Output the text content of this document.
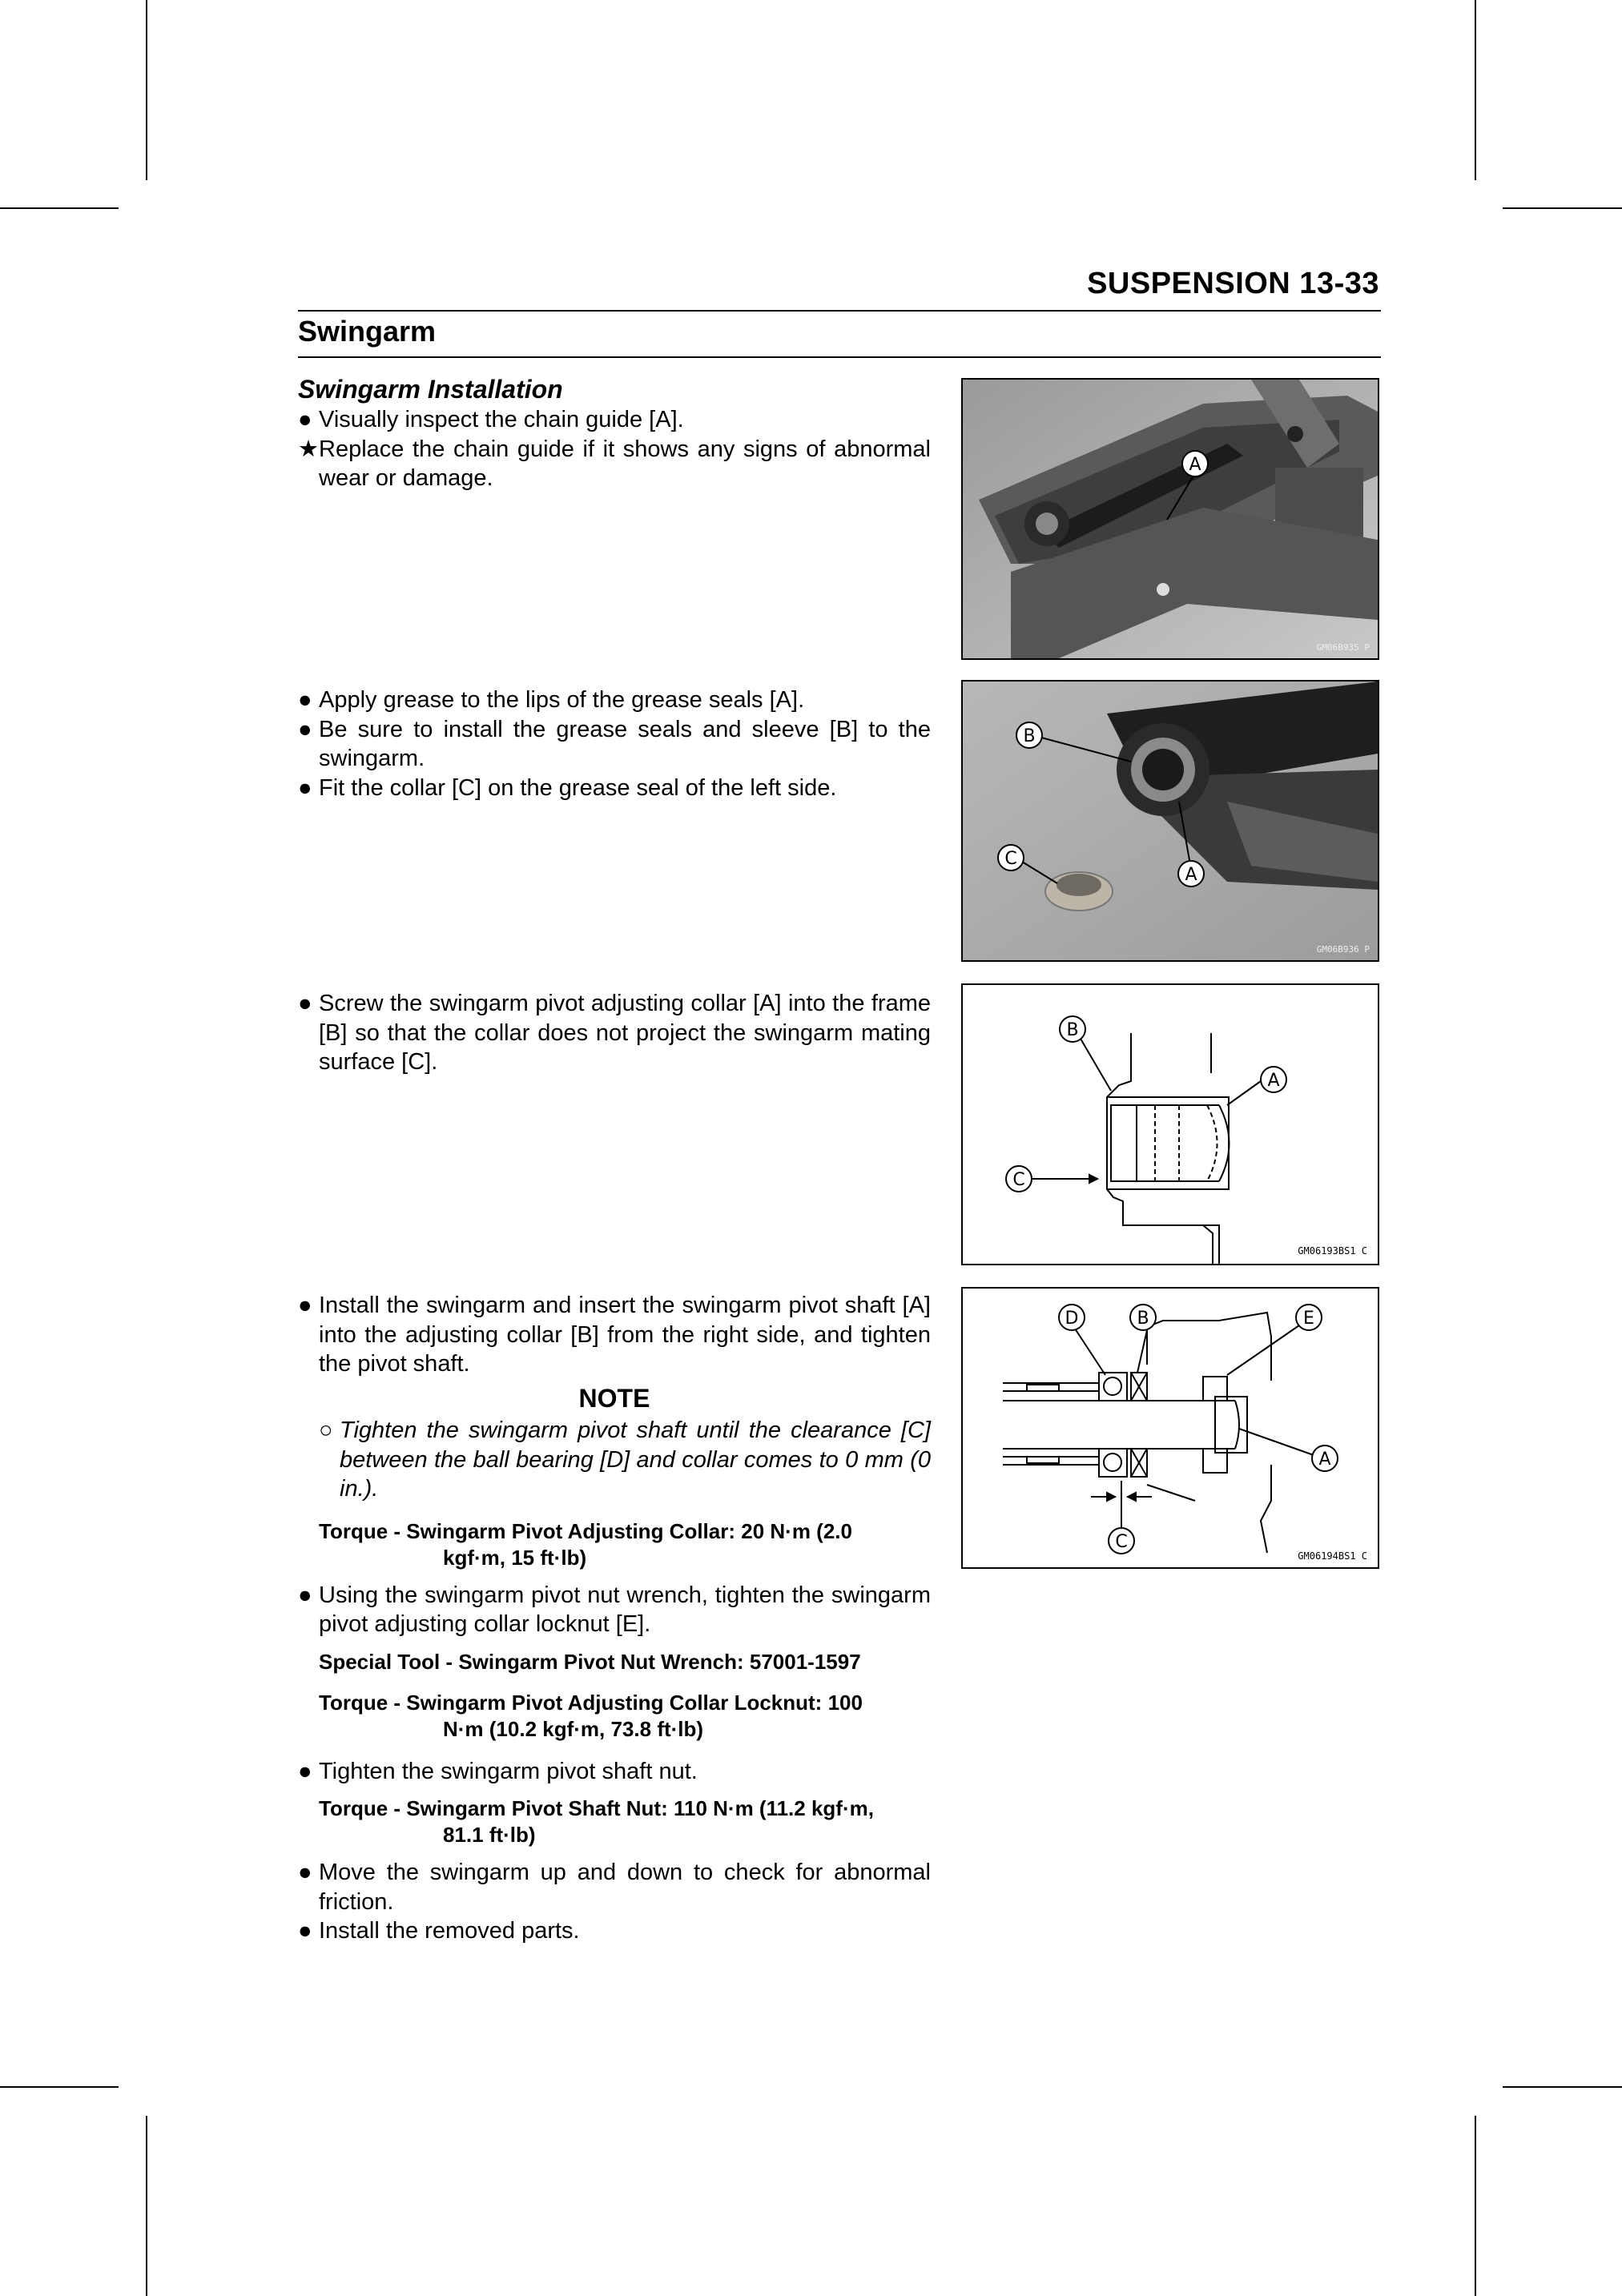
SUSPENSION 13-33
Swingarm
Swingarm Installation
● Visually inspect the chain guide [A].
★ Replace the chain guide if it shows any signs of abnormal wear or damage.
● Apply grease to the lips of the grease seals [A].
● Be sure to install the grease seals and sleeve [B] to the swingarm.
● Fit the collar [C] on the grease seal of the left side.
● Screw the swingarm pivot adjusting collar [A] into the frame [B] so that the collar does not project the swingarm mating surface [C].
● Install the swingarm and insert the swingarm pivot shaft [A] into the adjusting collar [B] from the right side, and tighten the pivot shaft.
NOTE
○ Tighten the swingarm pivot shaft until the clearance [C] between the ball bearing [D] and collar comes to 0 mm (0 in.).
Torque - Swingarm Pivot Adjusting Collar: 20 N·m (2.0
kgf·m, 15 ft·lb)
● Using the swingarm pivot nut wrench, tighten the swingarm pivot adjusting collar locknut [E].
Special Tool - Swingarm Pivot Nut Wrench: 57001-1597
Torque - Swingarm Pivot Adjusting Collar Locknut: 100
N·m (10.2 kgf·m, 73.8 ft·lb)
● Tighten the swingarm pivot shaft nut.
Torque - Swingarm Pivot Shaft Nut: 110 N·m (11.2 kgf·m,
81.1 ft·lb)
● Move the swingarm up and down to check for abnormal friction.
● Install the removed parts.
A
GM06B935 P
B
C
A
GM06B936 P
B
A
C
GM06193BS1 C
D	B	E
A
C
GM06194BS1 C
